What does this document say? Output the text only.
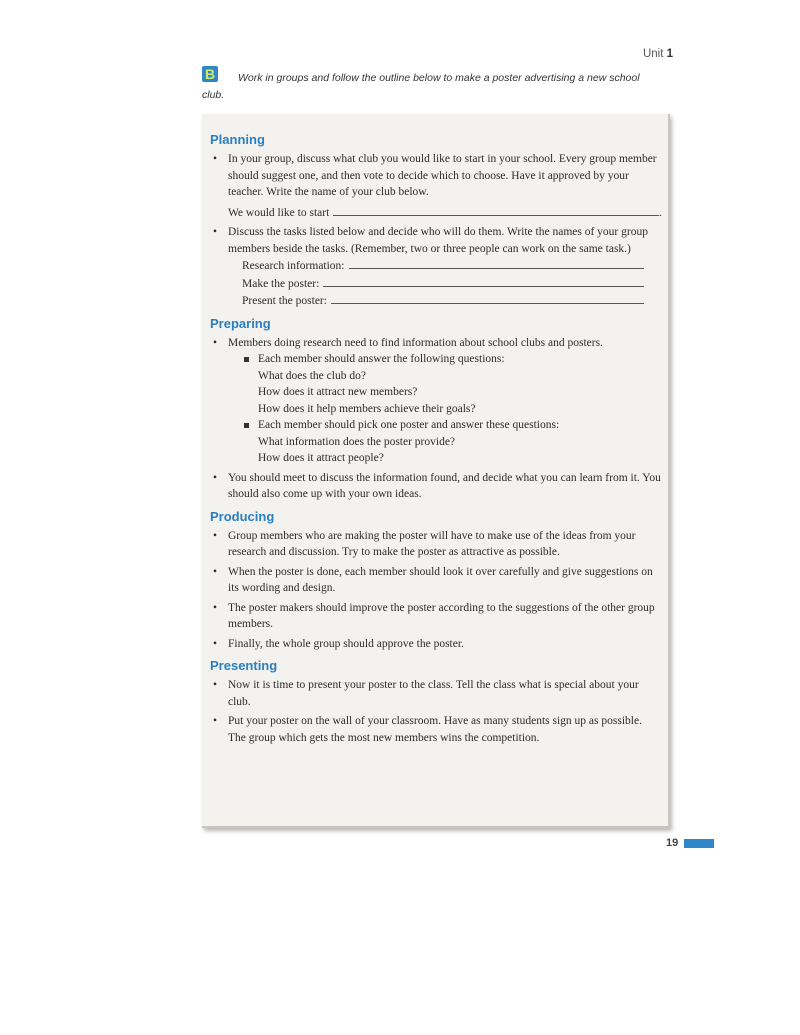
Unit 1
B	Work in groups and follow the outline below to make a poster advertising a new school club.
Planning
• In your group, discuss what club you would like to start in your school. Every group member should suggest one, and then vote to decide which to choose. Have it approved by your teacher. Write the name of your club below.
We would like to start	.
• Discuss the tasks listed below and decide who will do them. Write the names of your group members beside the tasks. (Remember, two or three people can work on the same task.)
Research information:
Make the poster:
Present the poster:
Preparing
• Members doing research need to find information about school clubs and posters.
Each member should answer the following questions:
What does the club do?
How does it attract new members?
How does it help members achieve their goals?
Each member should pick one poster and answer these questions:
What information does the poster provide?
How does it attract people?
• You should meet to discuss the information found, and decide what you can learn from it. You should also come up with your own ideas.
Producing
• Group members who are making the poster will have to make use of the ideas from your research and discussion. Try to make the poster as attractive as possible.
• When the poster is done, each member should look it over carefully and give suggestions on its wording and design.
• The poster makers should improve the poster according to the suggestions of the other group members.
• Finally, the whole group should approve the poster.
Presenting
• Now it is time to present your poster to the class. Tell the class what is special about your club.
• Put your poster on the wall of your classroom. Have as many students sign up as possible. The group which gets the most new members wins the competition.
19
